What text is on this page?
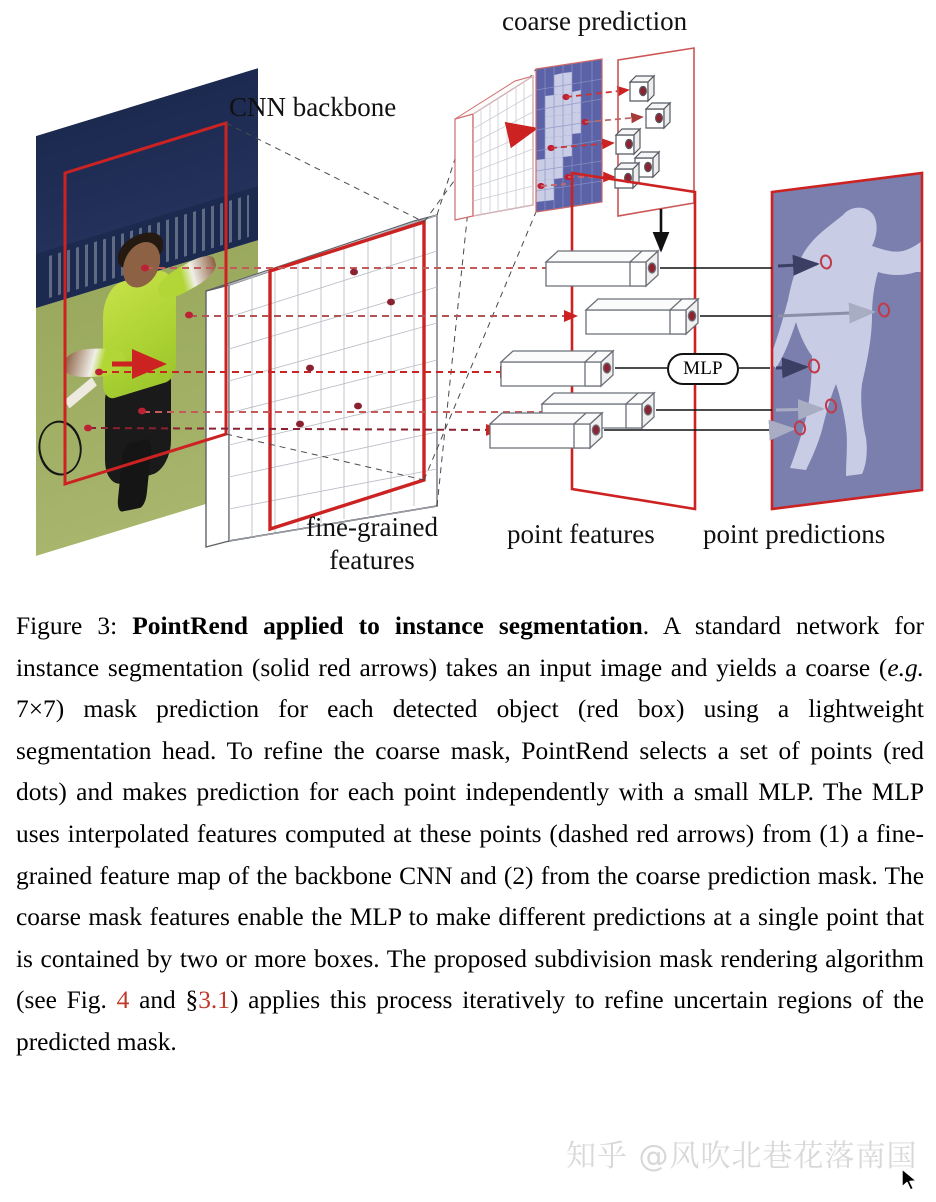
MLP
coarse prediction
CNN backbone
fine-grained
features
point features point predictions
Figure 3: PointRend applied to instance segmentation. A standard network for instance segmentation (solid red arrows) takes an input image and yields a coarse (e.g. 7×7) mask prediction for each detected object (red box) using a lightweight segmentation head. To refine the coarse mask, PointRend selects a set of points (red dots) and makes prediction for each point independently with a small MLP. The MLP uses interpolated features computed at these points (dashed red arrows) from (1) a fine-grained feature map of the backbone CNN and (2) from the coarse prediction mask. The coarse mask features enable the MLP to make different predictions at a single point that is contained by two or more boxes. The proposed subdivision mask rendering algorithm (see Fig. 4 and §3.1) applies this process iteratively to refine uncertain regions of the predicted mask.
知乎 @风吹北巷花落南国
